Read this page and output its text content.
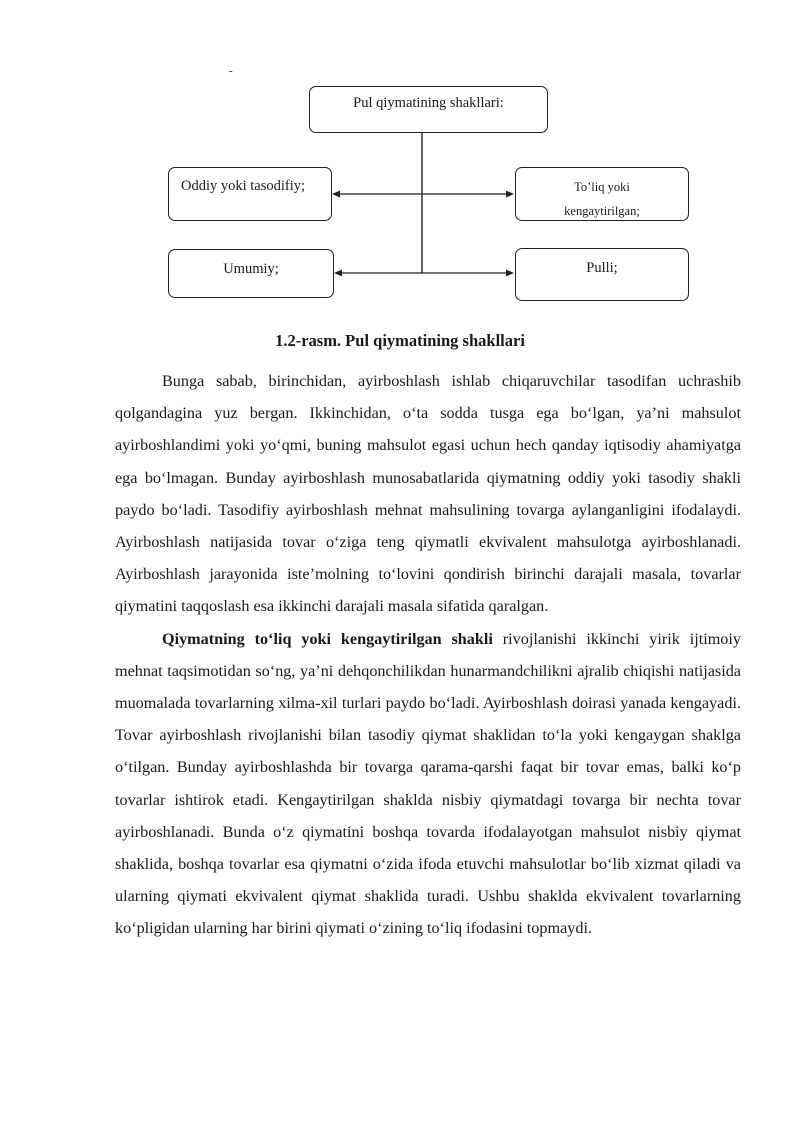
-
Pul qiymatining shakllari:
Oddiy yoki tasodifiy;	To’liq yoki
kengaytirilgan;
Umumiy;	Pulli;
1.2-rasm. Pul qiymatining shakllari

Bunga sabab, birinchidan, ayirboshlash ishlab chiqaruvchilar tasodifan uchrashib qolgandagina yuz bergan. Ikkinchidan, o‘ta sodda tusga ega bo‘lgan, ya’ni mahsulot ayirboshlandimi yoki yo‘qmi, buning mahsulot egasi uchun hech qanday iqtisodiy ahamiyatga ega bo‘lmagan. Bunday ayirboshlash munosabatlarida qiymatning oddiy yoki tasodiy shakli paydo bo‘ladi. Tasodifiy ayirboshlash mehnat mahsulining tovarga aylanganligini ifodalaydi. Ayirboshlash natijasida tovar o‘ziga teng qiymatli ekvivalent mahsulotga ayirboshlanadi. Ayirboshlash jarayonida iste’molning to‘lovini qondirish birinchi darajali masala, tovarlar qiymatini taqqoslash esa ikkinchi darajali masala sifatida qaralgan.

Qiymatning to‘liq yoki kengaytirilgan shakli rivojlanishi ikkinchi yirik ijtimoiy mehnat taqsimotidan so‘ng, ya’ni dehqonchilikdan hunarmandchilikni ajralib chiqishi natijasida muomalada tovarlarning xilma-xil turlari paydo bo‘ladi. Ayirboshlash doirasi yanada kengayadi. Tovar ayirboshlash rivojlanishi bilan tasodiy qiymat shaklidan to‘la yoki kengaygan shaklga o‘tilgan. Bunday ayirboshlashda bir tovarga qarama-qarshi faqat bir tovar emas, balki ko‘p tovarlar ishtirok etadi. Kengaytirilgan shaklda nisbiy qiymatdagi tovarga bir nechta tovar ayirboshlanadi. Bunda o‘z qiymatini boshqa tovarda ifodalayotgan mahsulot nisbiy qiymat shaklida, boshqa tovarlar esa qiymatni o‘zida ifoda etuvchi mahsulotlar bo‘lib xizmat qiladi va ularning qiymati ekvivalent qiymat shaklida turadi. Ushbu shaklda ekvivalent tovarlarning ko‘pligidan ularning har birini qiymati o‘zining to‘liq ifodasini topmaydi.
